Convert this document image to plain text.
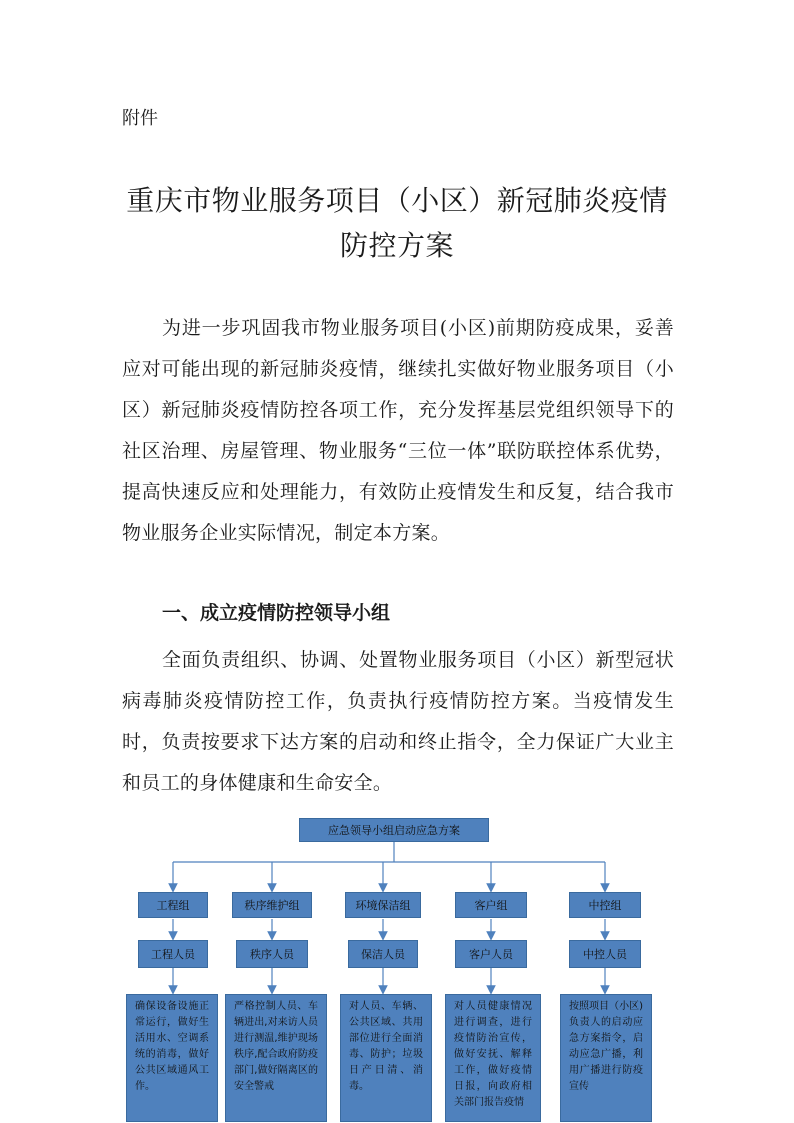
附件
重庆市物业服务项目（小区）新冠肺炎疫情
防控方案
为进一步巩固我市物业服务项目(小区)前期防疫成果，妥善应对可能出现的新冠肺炎疫情，继续扎实做好物业服务项目（小区）新冠肺炎疫情防控各项工作，充分发挥基层党组织领导下的社区治理、房屋管理、物业服务“三位一体”联防联控体系优势，提高快速反应和处理能力，有效防止疫情发生和反复，结合我市物业服务企业实际情况，制定本方案。
一、成立疫情防控领导小组
全面负责组织、协调、处置物业服务项目（小区）新型冠状病毒肺炎疫情防控工作，负责执行疫情防控方案。当疫情发生时，负责按要求下达方案的启动和终止指令，全力保证广大业主和员工的身体健康和生命安全。
应急领导小组启动应急方案
工程组	秩序维护组	环境保洁组	客户组	中控组
工程人员	秩序人员	保洁人员	客户人员	中控人员
确保设备设施正常运行，做好生活用水、空调系统的消毒，做好公共区域通风工作。
严格控制人员、车辆进出,对来访人员进行测温,维护现场秩序,配合政府防疫部门,做好隔离区的安全警戒
对人员、车辆、公共区域、共用部位进行全面消毒、防护；垃圾日产日清、消毒。
对人员健康情况进行调查，进行疫情防治宣传，做好安抚、解释工作，做好疫情日报，向政府相关部门报告疫情
按照项目（小区)负责人的启动应急方案指令，启动应急广播，利用广播进行防疫宣传
